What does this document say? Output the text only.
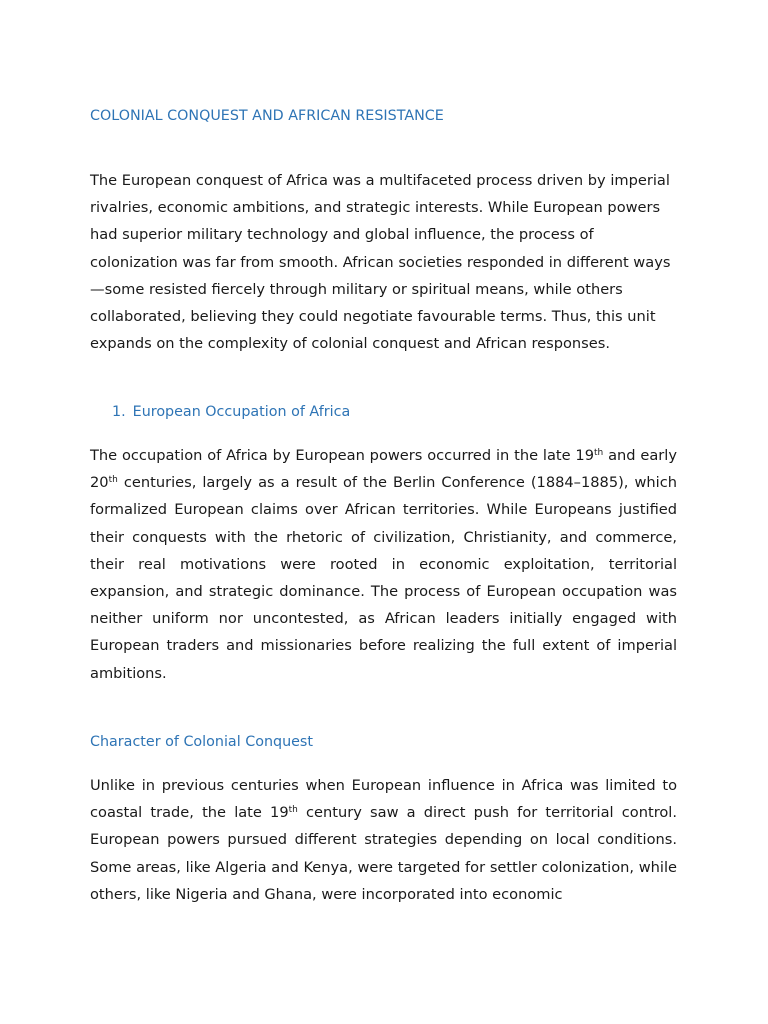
COLONIAL CONQUEST AND AFRICAN RESISTANCE

The European conquest of Africa was a multifaceted process driven by imperial rivalries, economic ambitions, and strategic interests. While European powers had superior military technology and global influence, the process of colonization was far from smooth. African societies responded in different ways—some resisted fiercely through military or spiritual means, while others collaborated, believing they could negotiate favourable terms. Thus, this unit expands on the complexity of colonial conquest and African responses.

1. European Occupation of Africa

The occupation of Africa by European powers occurred in the late 19th and early 20th centuries, largely as a result of the Berlin Conference (1884–1885), which formalized European claims over African territories. While Europeans justified their conquests with the rhetoric of civilization, Christianity, and commerce, their real motivations were rooted in economic exploitation, territorial expansion, and strategic dominance. The process of European occupation was neither uniform nor uncontested, as African leaders initially engaged with European traders and missionaries before realizing the full extent of imperial ambitions.

Character of Colonial Conquest

Unlike in previous centuries when European influence in Africa was limited to coastal trade, the late 19th century saw a direct push for territorial control. European powers pursued different strategies depending on local conditions. Some areas, like Algeria and Kenya, were targeted for settler colonization, while others, like Nigeria and Ghana, were incorporated into economic
